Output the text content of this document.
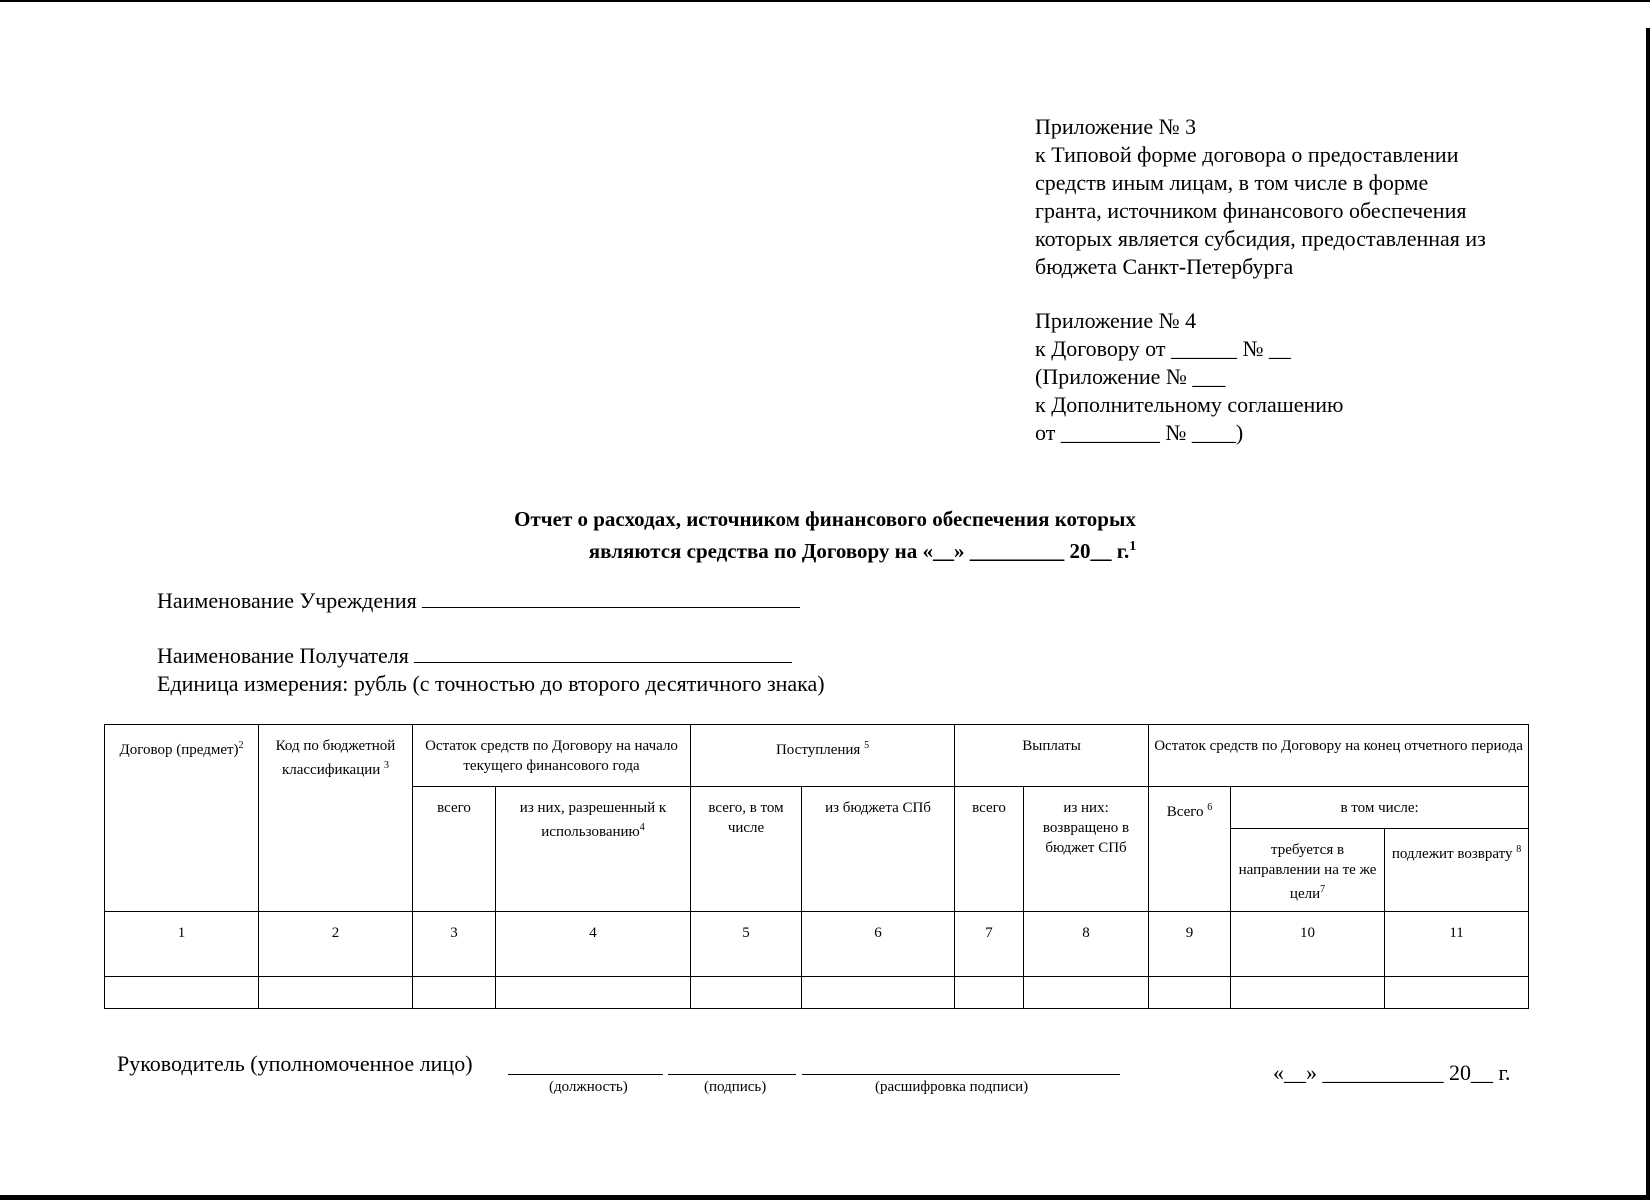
Приложение № 3
к Типовой форме договора о предоставлении
средств иным лицам, в том числе в форме
гранта, источником финансового обеспечения
которых является субсидия, предоставленная из
бюджета Санкт-Петербурга
Приложение № 4
к Договору от ______ № __
(Приложение № ___
к Дополнительному соглашению
от _________ № ____)
Отчет о расходах, источником финансового обеспечения которых
являются средства по Договору на «__» _________ 20__ г.$^1$
Наименование Учреждения
Наименование Получателя
Единица измерения: рубль (с точностью до второго десятичного знака)
Договор (предмет)$^2$	Код по бюджетной классификации $^3$	Остаток средств по Договору на начало текущего финансового года		Поступления $^5$		Выплаты		Остаток средств по Договору на конец отчетного периода		
		всего	из них, разрешенный к использованию$^4$	всего, в том числе	из бюджета СПб	всего	из них: возвращено в бюджет СПб	Всего $^6$	в том числе:	
									требуется в направлении на те же цели$^7$	подлежит возврату $^8$
1	2	3	4	5	6	7	8	9	10	11

Руководитель (уполномоченное лицо)
(должность)	(подпись)	(расшифровка подписи)
«__» ___________ 20__ г.
